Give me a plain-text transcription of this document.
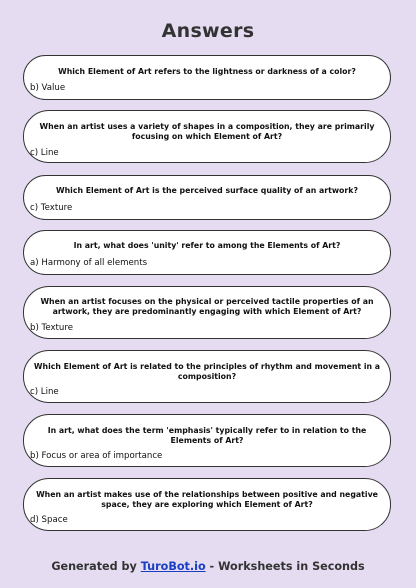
Answers
Which Element of Art refers to the lightness or darkness of a color?
b) Value
When an artist uses a variety of shapes in a composition, they are primarily focusing on which Element of Art?
c) Line
Which Element of Art is the perceived surface quality of an artwork?
c) Texture
In art, what does 'unity' refer to among the Elements of Art?
a) Harmony of all elements
When an artist focuses on the physical or perceived tactile properties of an artwork, they are predominantly engaging with which Element of Art?
b) Texture
Which Element of Art is related to the principles of rhythm and movement in a composition?
c) Line
In art, what does the term 'emphasis' typically refer to in relation to the Elements of Art?
b) Focus or area of importance
When an artist makes use of the relationships between positive and negative space, they are exploring which Element of Art?
d) Space
Generated by TuroBot.io - Worksheets in Seconds
